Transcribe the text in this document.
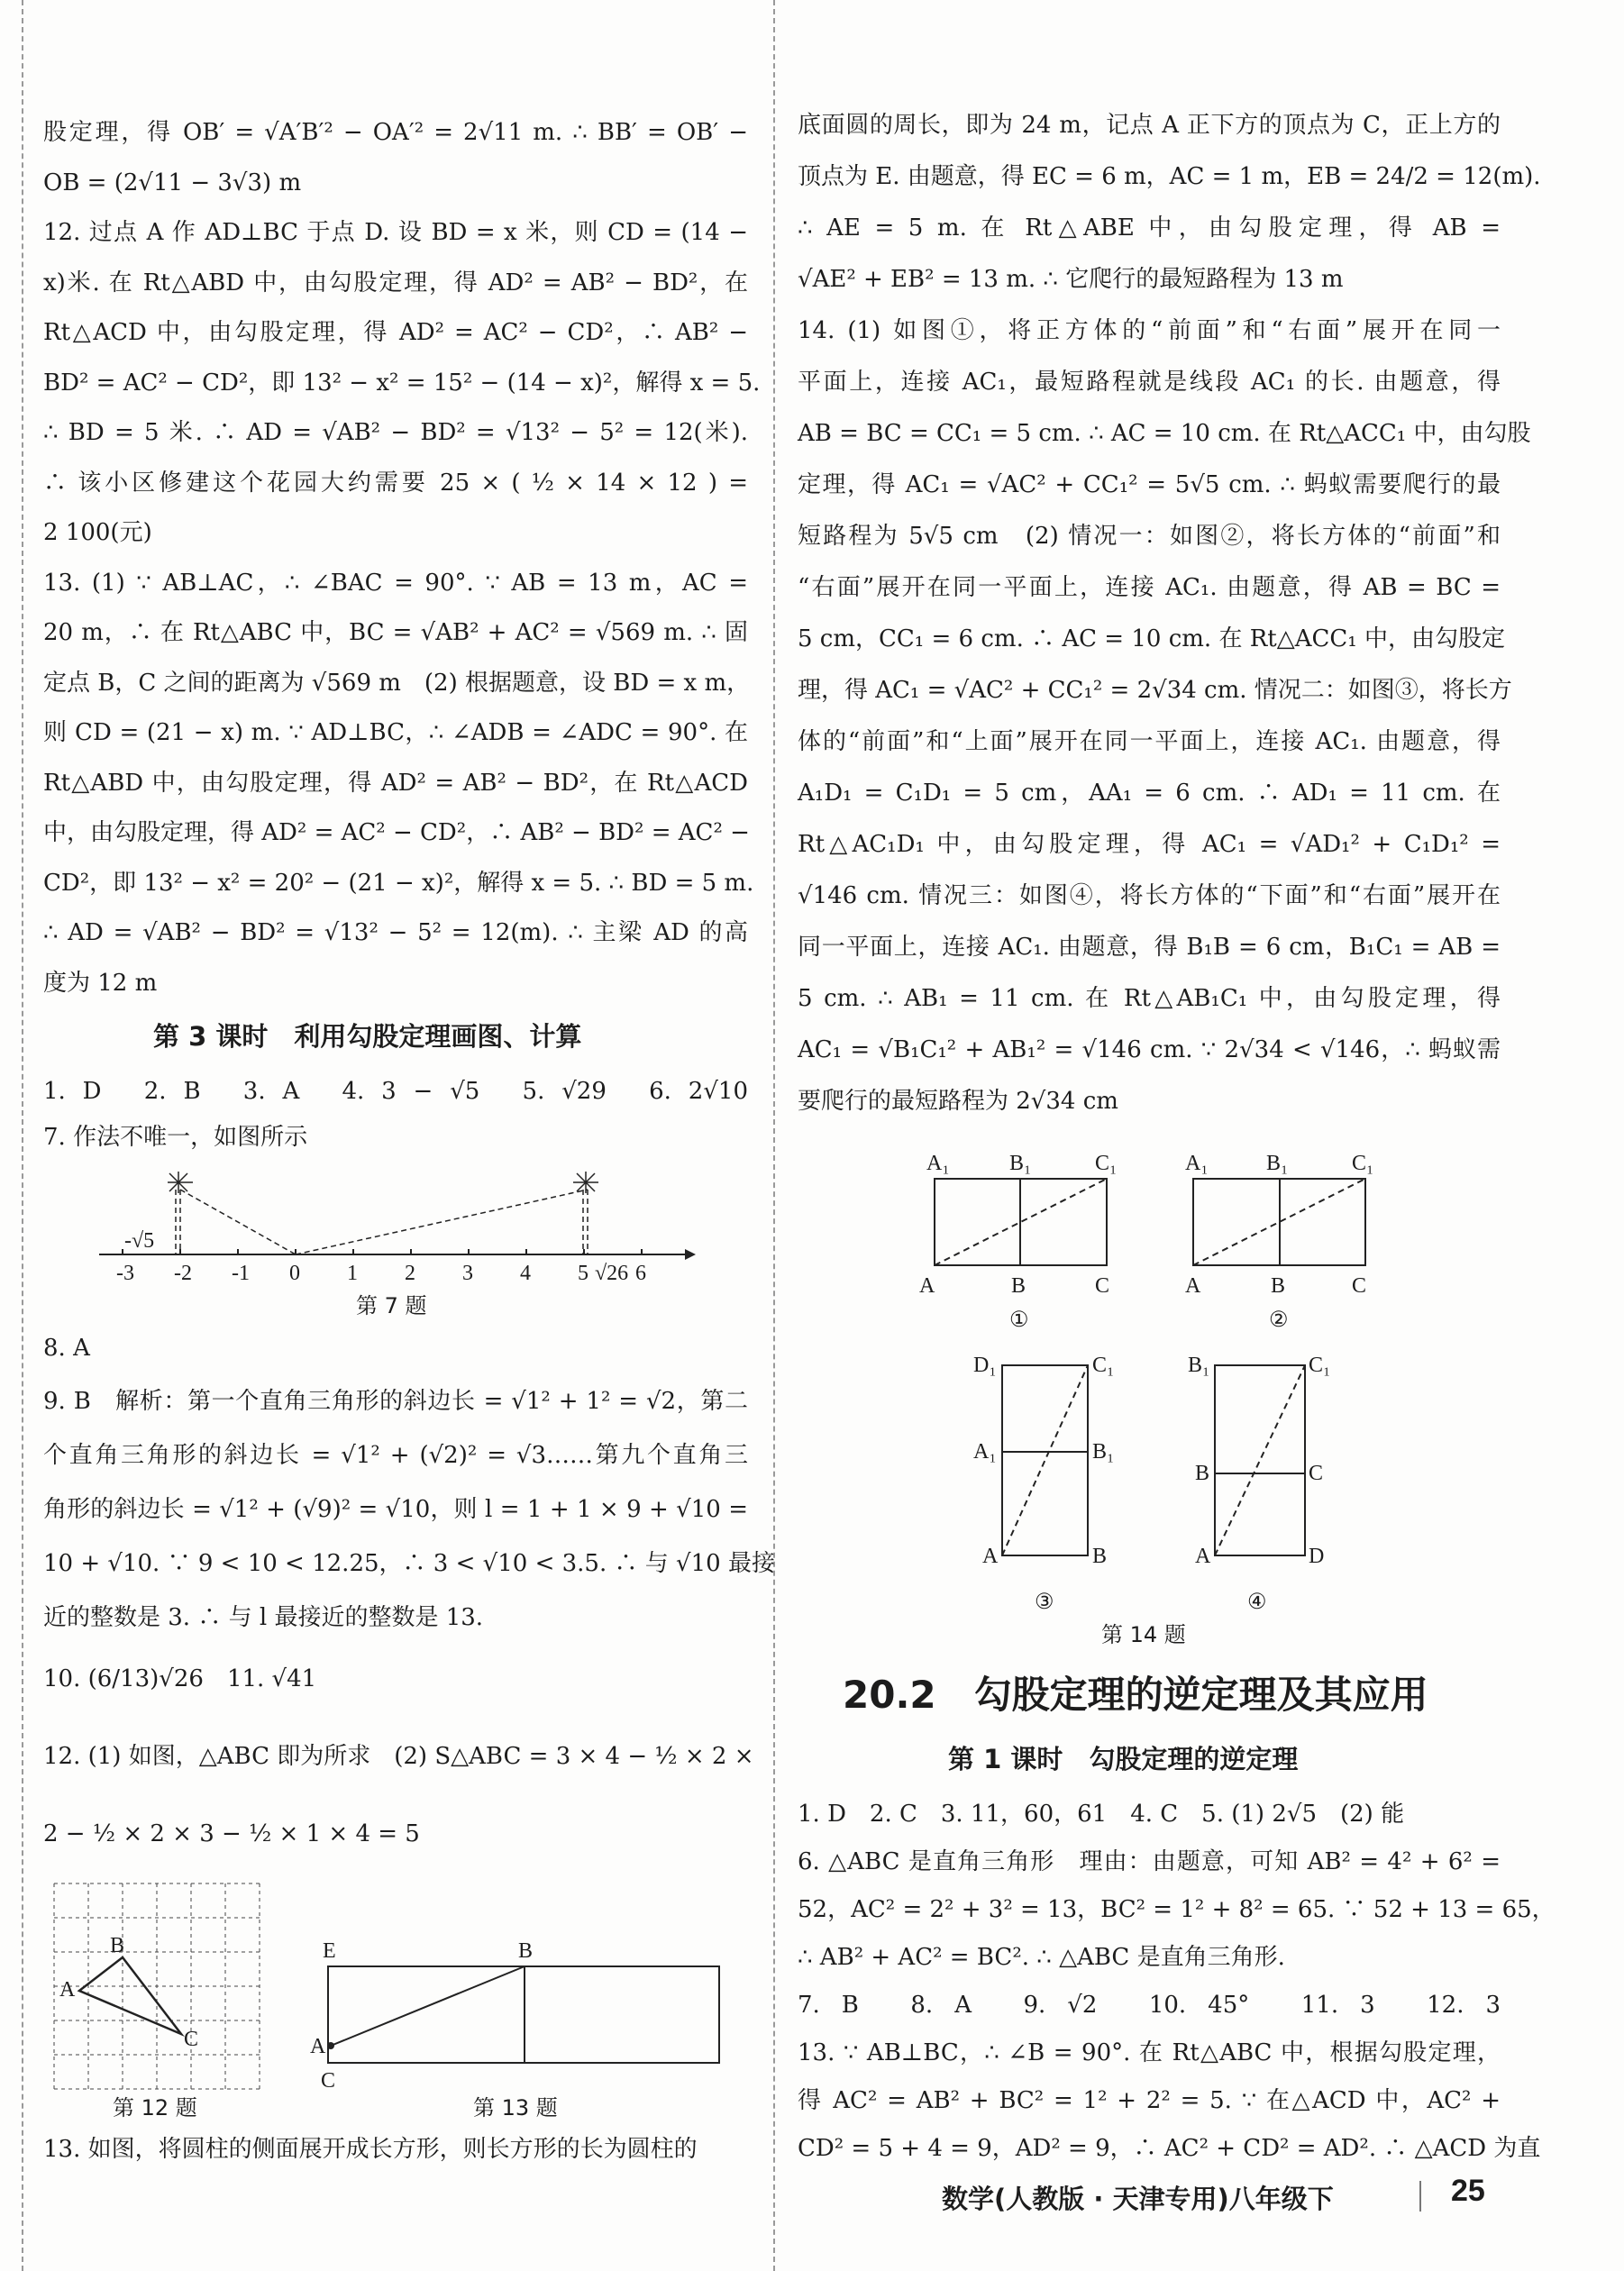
股定理，得 OB′ = √A′B′² − OA′² = 2√11 m. ∴ BB′ = OB′ −
OB = (2√11 − 3√3) m
12. 过点 A 作 AD⊥BC 于点 D. 设 BD = x 米，则 CD = (14 −
x)米. 在 Rt△ABD 中，由勾股定理，得 AD² = AB² − BD²，在
Rt△ACD 中，由勾股定理，得 AD² = AC² − CD²，∴ AB² −
BD² = AC² − CD²，即 13² − x² = 15² − (14 − x)²，解得 x = 5.
∴ BD = 5 米. ∴ AD = √AB² − BD² = √13² − 5² = 12(米).
∴ 该小区修建这个花园大约需要 25 × ( ½ × 14 × 12 ) =
2 100(元)
13. (1) ∵ AB⊥AC，∴ ∠BAC = 90°. ∵ AB = 13 m，AC =
20 m，∴ 在 Rt△ABC 中，BC = √AB² + AC² = √569 m. ∴ 固
定点 B，C 之间的距离为 √569 m　(2) 根据题意，设 BD = x m，
则 CD = (21 − x) m. ∵ AD⊥BC，∴ ∠ADB = ∠ADC = 90°. 在
Rt△ABD 中，由勾股定理，得 AD² = AB² − BD²，在 Rt△ACD
中，由勾股定理，得 AD² = AC² − CD²，∴ AB² − BD² = AC² −
CD²，即 13² − x² = 20² − (21 − x)²，解得 x = 5. ∴ BD = 5 m.
∴ AD = √AB² − BD² = √13² − 5² = 12(m). ∴ 主梁 AD 的高
度为 12 m
1. D　2. B　3. A　4. 3 − √5　5. √29　6. 2√10
7. 作法不唯一，如图所示
8. A
9. B　解析：第一个直角三角形的斜边长 = √1² + 1² = √2，第二
个直角三角形的斜边长 = √1² + (√2)² = √3……第九个直角三
角形的斜边长 = √1² + (√9)² = √10，则 l = 1 + 1 × 9 + √10 =
10 + √10. ∵ 9 < 10 < 12.25，∴ 3 < √10 < 3.5. ∴ 与 √10 最接
近的整数是 3. ∴ 与 l 最接近的整数是 13.
10. (6/13)√26　11. √41
12. (1) 如图，△ABC 即为所求　(2) S△ABC = 3 × 4 − ½ × 2 ×
2 − ½ × 2 × 3 − ½ × 1 × 4 = 5
13. 如图，将圆柱的侧面展开成长方形，则长方形的长为圆柱的
底面圆的周长，即为 24 m，记点 A 正下方的顶点为 C，正上方的
顶点为 E. 由题意，得 EC = 6 m，AC = 1 m，EB = 24/2 = 12(m).
∴ AE = 5 m. 在 Rt△ABE 中，由勾股定理，得 AB =
√AE² + EB² = 13 m. ∴ 它爬行的最短路程为 13 m
14. (1) 如图①，将正方体的“前面”和“右面”展开在同一
平面上，连接 AC₁，最短路程就是线段 AC₁ 的长. 由题意，得
AB = BC = CC₁ = 5 cm. ∴ AC = 10 cm. 在 Rt△ACC₁ 中，由勾股
定理，得 AC₁ = √AC² + CC₁² = 5√5 cm. ∴ 蚂蚁需要爬行的最
短路程为 5√5 cm　(2) 情况一：如图②，将长方体的“前面”和
“右面”展开在同一平面上，连接 AC₁. 由题意，得 AB = BC =
5 cm，CC₁ = 6 cm. ∴ AC = 10 cm. 在 Rt△ACC₁ 中，由勾股定
理，得 AC₁ = √AC² + CC₁² = 2√34 cm. 情况二：如图③，将长方
体的“前面”和“上面”展开在同一平面上，连接 AC₁. 由题意，得
A₁D₁ = C₁D₁ = 5 cm，AA₁ = 6 cm. ∴ AD₁ = 11 cm. 在
Rt△AC₁D₁ 中，由勾股定理，得 AC₁ = √AD₁² + C₁D₁² =
√146 cm. 情况三：如图④，将长方体的“下面”和“右面”展开在
同一平面上，连接 AC₁. 由题意，得 B₁B = 6 cm，B₁C₁ = AB =
5 cm. ∴ AB₁ = 11 cm. 在 Rt△AB₁C₁ 中，由勾股定理，得
AC₁ = √B₁C₁² + AB₁² = √146 cm. ∵ 2√34 < √146，∴ 蚂蚁需
要爬行的最短路程为 2√34 cm
1. D　2. C　3. 11，60，61　4. C　5. (1) 2√5　(2) 能
6. △ABC 是直角三角形　理由：由题意，可知 AB² = 4² + 6² =
52，AC² = 2² + 3² = 13，BC² = 1² + 8² = 65. ∵ 52 + 13 = 65，
∴ AB² + AC² = BC². ∴ △ABC 是直角三角形.
7. B　8. A　9. √2　10. 45°　11. 3　12. 3
13. ∵ AB⊥BC，∴ ∠B = 90°. 在 Rt△ABC 中，根据勾股定理，
得 AC² = AB² + BC² = 1² + 2² = 5. ∵ 在△ACD 中，AC² +
CD² = 5 + 4 = 9，AD² = 9，∴ AC² + CD² = AD². ∴ △ACD 为直
第 3 课时　利用勾股定理画图、计算
20.2　勾股定理的逆定理及其应用
第 1 课时　勾股定理的逆定理
-3 -2 -1 0 1 2 3 4 5 6
-√5
√26
第 7 题
A
B
C
第 12 题
E	B
A
C
第 13 题
A₁	B₁	C₁
A	B	C
①
A₁	B₁	C₁
A	B	C
②
D₁	C₁
A₁	B₁
A	B
③
B₁	C₁
B	C
A	D
④
第 14 题
数学(人教版 · 天津专用)八年级下	25
